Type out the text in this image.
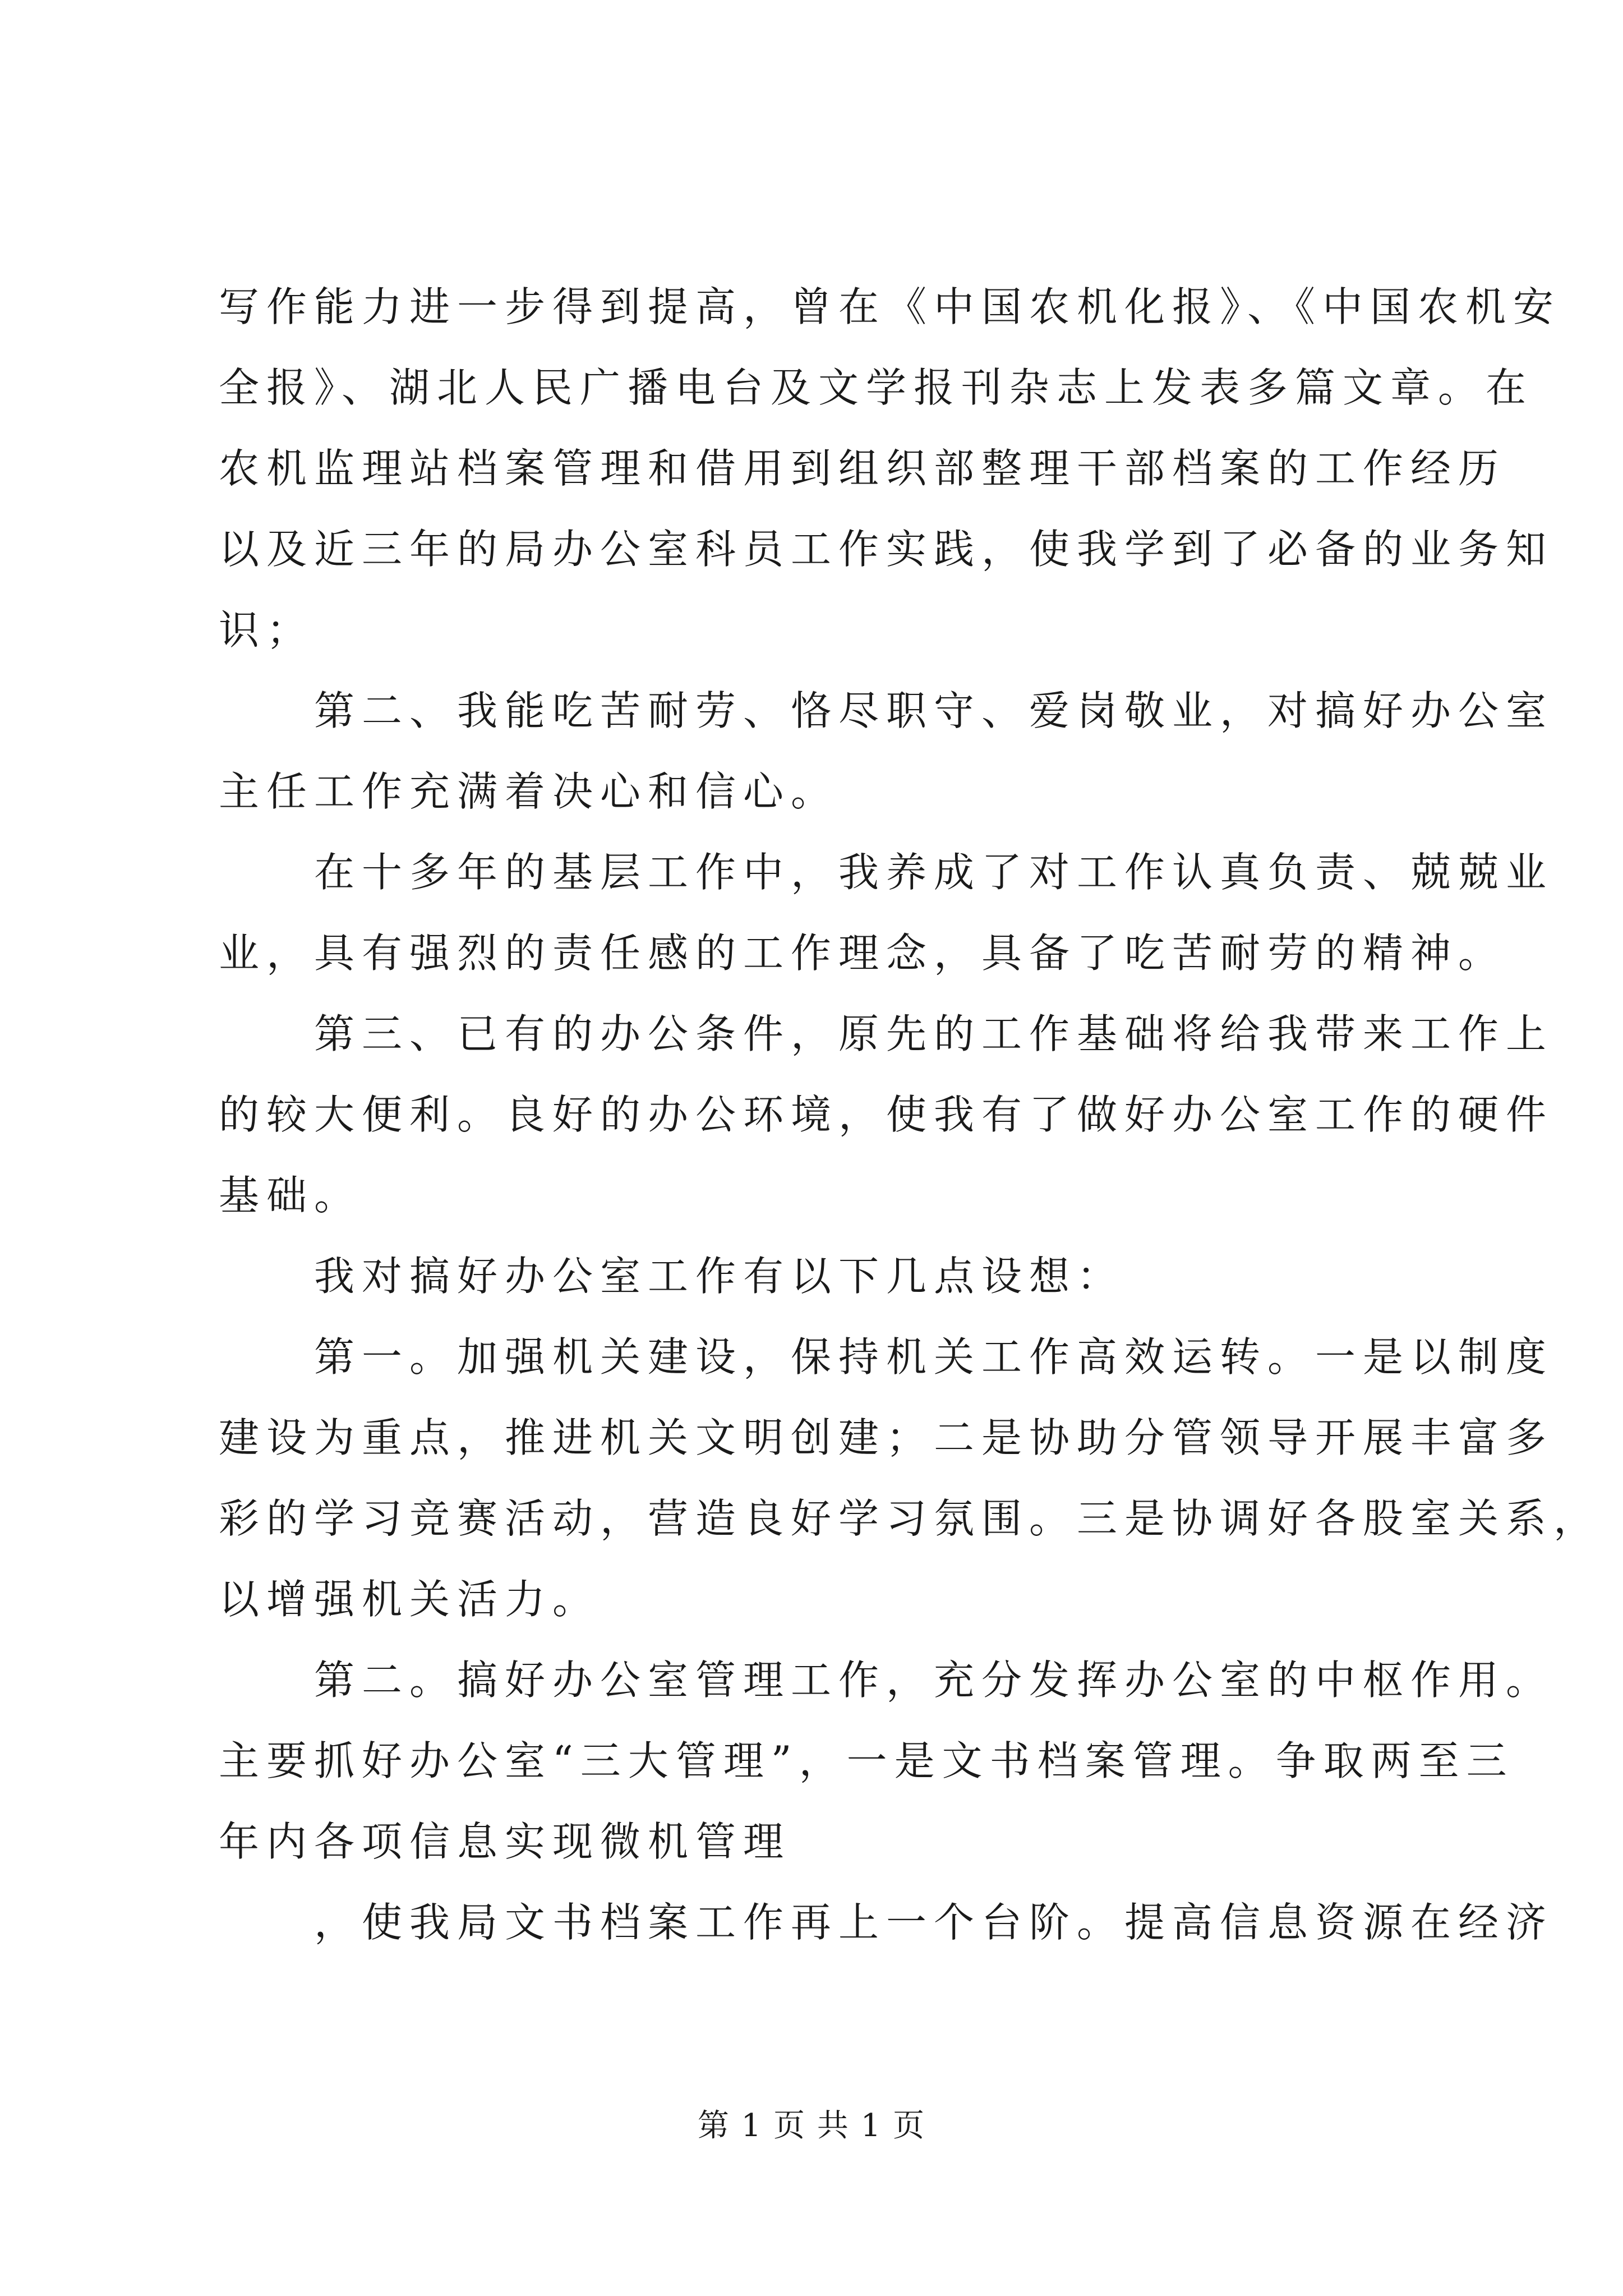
写作能力进一步得到提高，曾在《中国农机化报》、《中国农机安
全报》、湖北人民广播电台及文学报刊杂志上发表多篇文章。在
农机监理站档案管理和借用到组织部整理干部档案的工作经历
以及近三年的局办公室科员工作实践，使我学到了必备的业务知
识；
第二、我能吃苦耐劳、恪尽职守、爱岗敬业，对搞好办公室
主任工作充满着决心和信心。
在十多年的基层工作中，我养成了对工作认真负责、兢兢业
业，具有强烈的责任感的工作理念，具备了吃苦耐劳的精神。
第三、已有的办公条件，原先的工作基础将给我带来工作上
的较大便利。良好的办公环境，使我有了做好办公室工作的硬件
基础。
我对搞好办公室工作有以下几点设想：
第一。加强机关建设，保持机关工作高效运转。一是以制度
建设为重点，推进机关文明创建；二是协助分管领导开展丰富多
彩的学习竞赛活动，营造良好学习氛围。三是协调好各股室关系，
以增强机关活力。
第二。搞好办公室管理工作，充分发挥办公室的中枢作用。
主要抓好办公室“三大管理”，一是文书档案管理。争取两至三
年内各项信息实现微机管理
，使我局文书档案工作再上一个台阶。提高信息资源在经济
第 1 页 共 1 页
